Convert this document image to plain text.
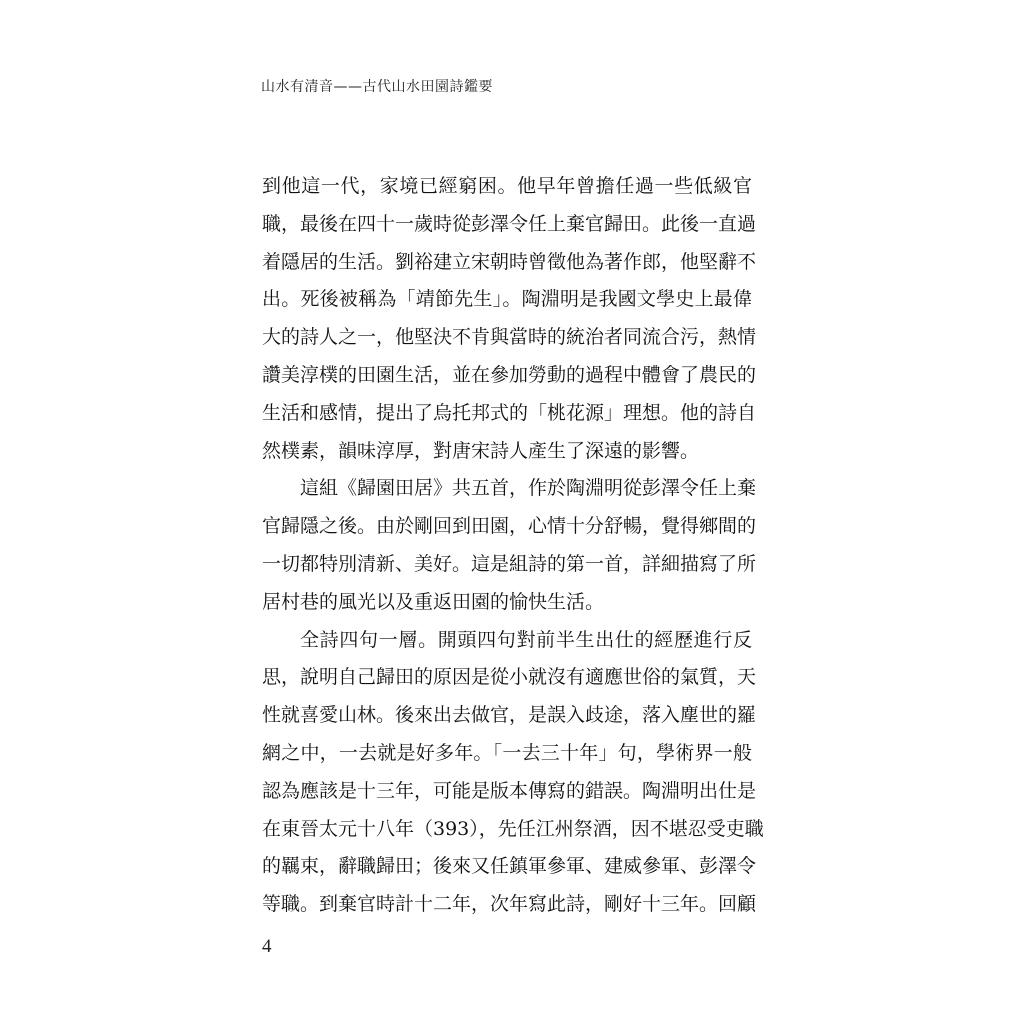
山水有清音——古代山水田園詩鑑要
到他這一代，家境已經窮困。他早年曾擔任過一些低級官
職，最後在四十一歲時從彭澤令任上棄官歸田。此後一直過
着隱居的生活。劉裕建立宋朝時曾徵他為著作郎，他堅辭不
出。死後被稱為「靖節先生」。陶淵明是我國文學史上最偉
大的詩人之一，他堅決不肯與當時的統治者同流合污，熱情
讚美淳樸的田園生活，並在參加勞動的過程中體會了農民的
生活和感情，提出了烏托邦式的「桃花源」理想。他的詩自
然樸素，韻味淳厚，對唐宋詩人產生了深遠的影響。
這組《歸園田居》共五首，作於陶淵明從彭澤令任上棄
官歸隱之後。由於剛回到田園，心情十分舒暢，覺得鄉間的
一切都特別清新、美好。這是組詩的第一首，詳細描寫了所
居村巷的風光以及重返田園的愉快生活。
全詩四句一層。開頭四句對前半生出仕的經歷進行反
思，說明自己歸田的原因是從小就沒有適應世俗的氣質，天
性就喜愛山林。後來出去做官，是誤入歧途，落入塵世的羅
網之中，一去就是好多年。「一去三十年」句，學術界一般
認為應該是十三年，可能是版本傳寫的錯誤。陶淵明出仕是
在東晉太元十八年（393），先任江州祭酒，因不堪忍受吏職
的羈束，辭職歸田；後來又任鎮軍參軍、建威參軍、彭澤令
等職。到棄官時計十二年，次年寫此詩，剛好十三年。回顧
4
